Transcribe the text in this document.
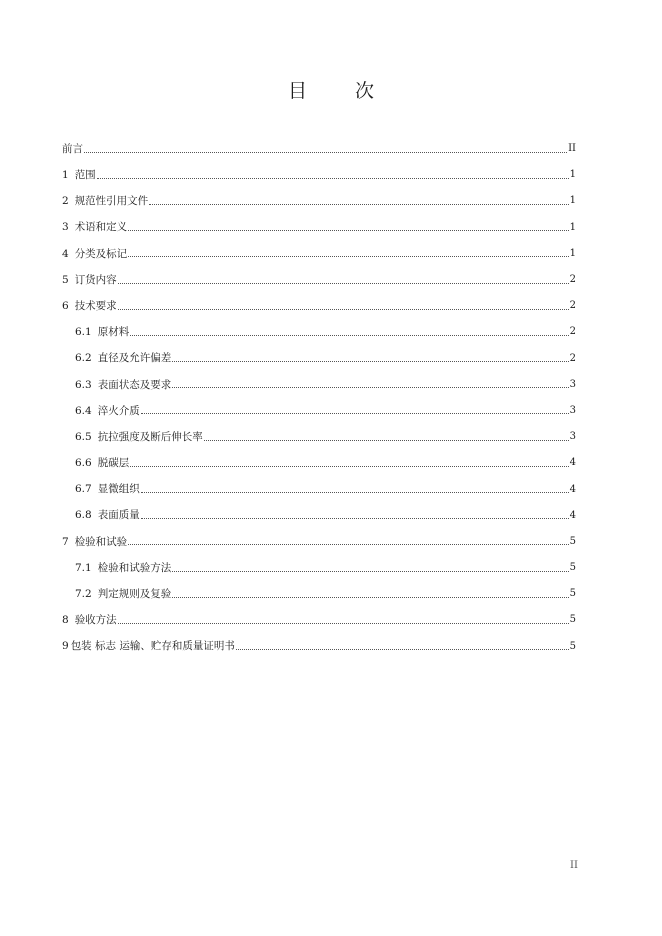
目	次
前言	II
1 范围	1
2 规范性引用文件	1
3 术语和定义	1
4 分类及标记	1
5 订货内容	2
6 技术要求	2
6.1 原材料	2
6.2 直径及允许偏差	2
6.3 表面状态及要求	3
6.4 淬火介质	3
6.5 抗拉强度及断后伸长率	3
6.6 脱碳层	4
6.7 显微组织	4
6.8 表面质量	4
7 检验和试验	5
7.1 检验和试验方法	5
7.2 判定规则及复验	5
8 验收方法	5
9 包装 标志 运输、贮存和质量证明书	5
II
